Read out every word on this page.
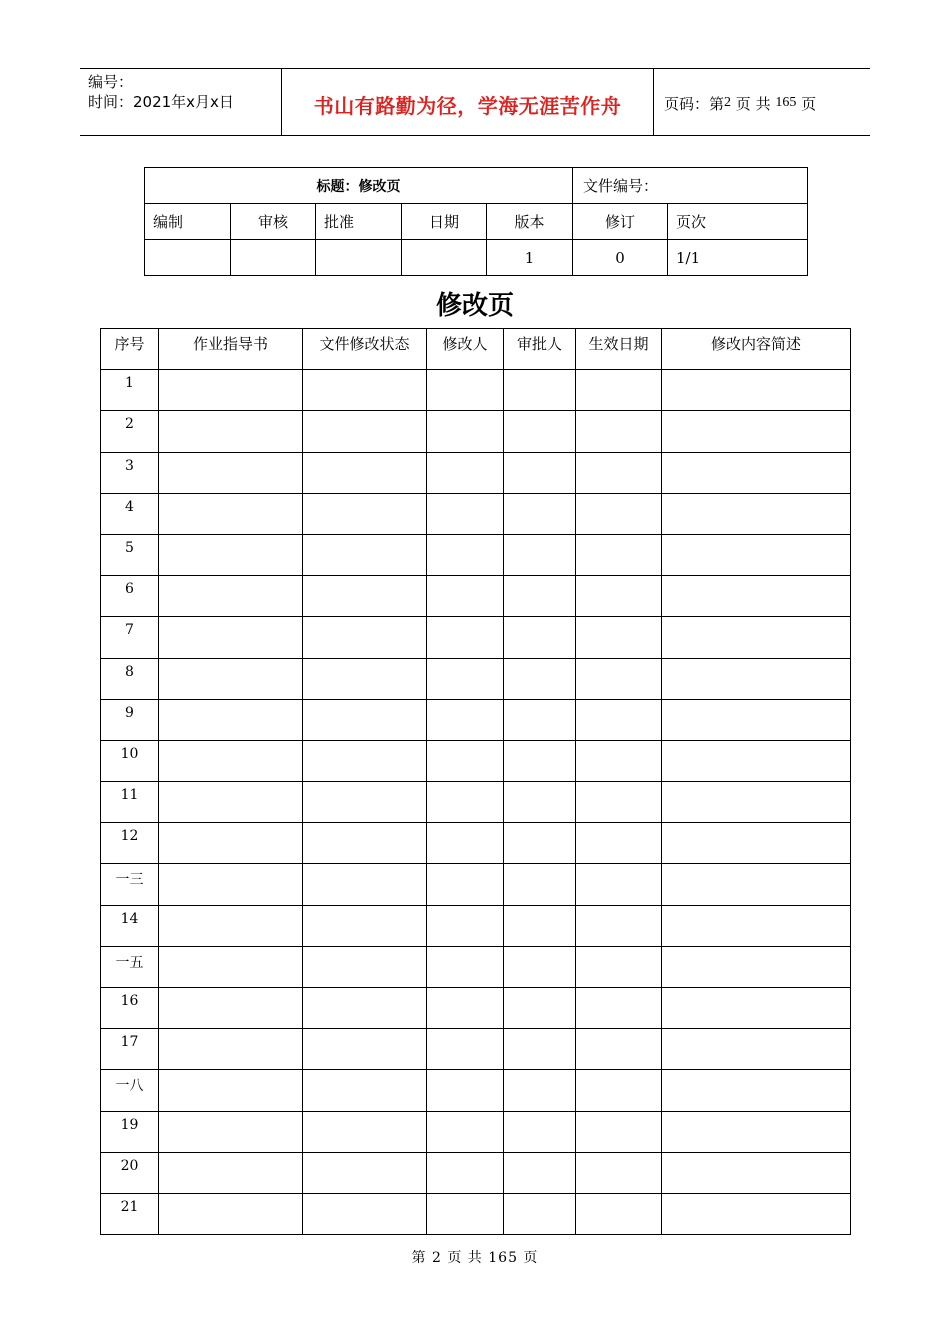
编号：
时间：2021年x月x日	书山有路勤为径，学海无涯苦作舟	页码：第 2
页 共
165
页
标题：修改页					文件编号：	
编制	审核	批准	日期	版本	修订	页次
				1	0	1/1
修改页
序号	作业指导书	文件修改状态	修改人	审批人	生效日期	修改内容简述
1						
2						
3						
4						
5						
6						
7						
8						
9						
10						
11						
12						
一三						
14						
一五						
16						
17						
一八						
19						
20						
21						
第 2 页 共 165 页
